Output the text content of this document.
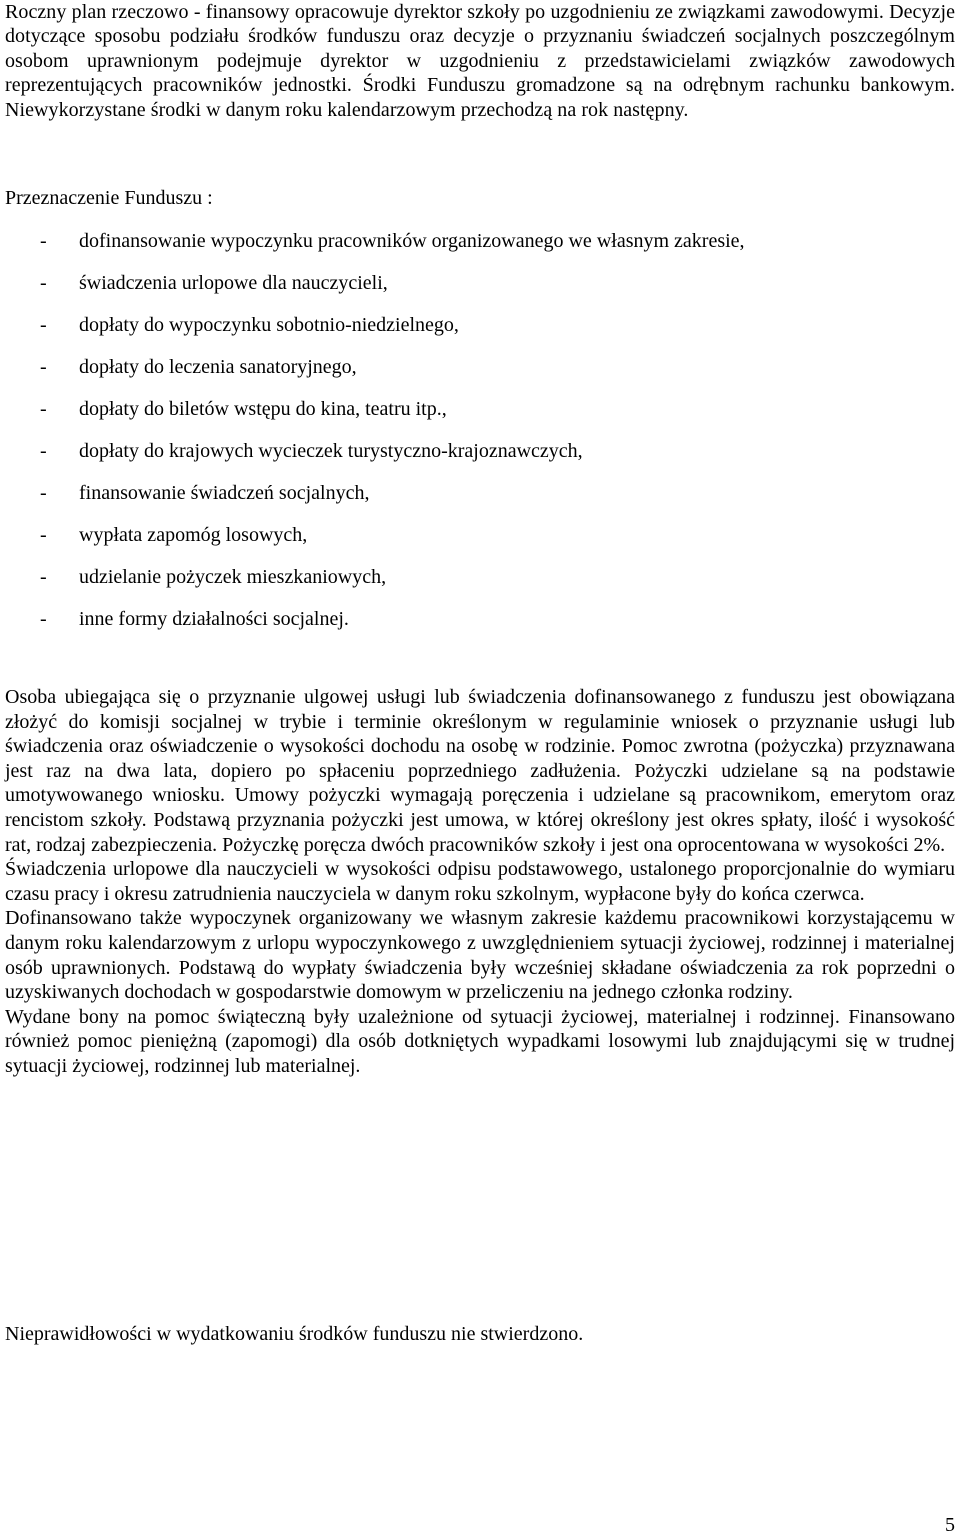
Roczny plan rzeczowo - finansowy opracowuje dyrektor szkoły po uzgodnieniu ze związkami zawodowymi. Decyzje dotyczące sposobu podziału środków funduszu oraz decyzje o przyznaniu świadczeń socjalnych poszczególnym osobom uprawnionym podejmuje dyrektor w uzgodnieniu z przedstawicielami związków zawodowych reprezentujących pracowników jednostki. Środki Funduszu gromadzone są na odrębnym rachunku bankowym. Niewykorzystane środki w danym roku kalendarzowym przechodzą na rok następny.

Przeznaczenie Funduszu :

- dofinansowanie wypoczynku pracowników organizowanego we własnym zakresie,
- świadczenia urlopowe dla nauczycieli,
- dopłaty do wypoczynku sobotnio-niedzielnego,
- dopłaty do leczenia sanatoryjnego,
- dopłaty do biletów wstępu do kina, teatru itp.,
- dopłaty do krajowych wycieczek turystyczno-krajoznawczych,
- finansowanie świadczeń socjalnych,
- wypłata zapomóg losowych,
- udzielanie pożyczek mieszkaniowych,
- inne formy działalności socjalnej.

Osoba ubiegająca się o przyznanie ulgowej usługi lub świadczenia dofinansowanego z funduszu jest obowiązana złożyć do komisji socjalnej w trybie i terminie określonym w regulaminie wniosek o przyznanie usługi lub świadczenia oraz oświadczenie o wysokości dochodu na osobę w rodzinie. Pomoc zwrotna (pożyczka) przyznawana jest raz na dwa lata, dopiero po spłaceniu poprzedniego zadłużenia. Pożyczki udzielane są na podstawie umotywowanego wniosku. Umowy pożyczki wymagają poręczenia i udzielane są pracownikom, emerytom oraz rencistom szkoły. Podstawą przyznania pożyczki jest umowa, w której określony jest okres spłaty, ilość i wysokość rat, rodzaj zabezpieczenia. Pożyczkę poręcza dwóch pracowników szkoły i jest ona oprocentowana w wysokości 2%.

Świadczenia urlopowe dla nauczycieli w wysokości odpisu podstawowego, ustalonego proporcjonalnie do wymiaru czasu pracy i okresu zatrudnienia nauczyciela w danym roku szkolnym, wypłacone były do końca czerwca.

Dofinansowano także wypoczynek organizowany we własnym zakresie każdemu pracownikowi korzystającemu w danym roku kalendarzowym z urlopu wypoczynkowego z uwzględnieniem sytuacji życiowej, rodzinnej i materialnej osób uprawnionych. Podstawą do wypłaty świadczenia były wcześniej składane oświadczenia za rok poprzedni o uzyskiwanych dochodach w gospodarstwie domowym w przeliczeniu na jednego członka rodziny.

Wydane bony na pomoc świąteczną były uzależnione od sytuacji życiowej, materialnej i rodzinnej. Finansowano również pomoc pieniężną (zapomogi) dla osób dotkniętych wypadkami losowymi lub znajdującymi się w trudnej sytuacji życiowej, rodzinnej lub materialnej.

Nieprawidłowości w wydatkowaniu środków funduszu nie stwierdzono.

5
